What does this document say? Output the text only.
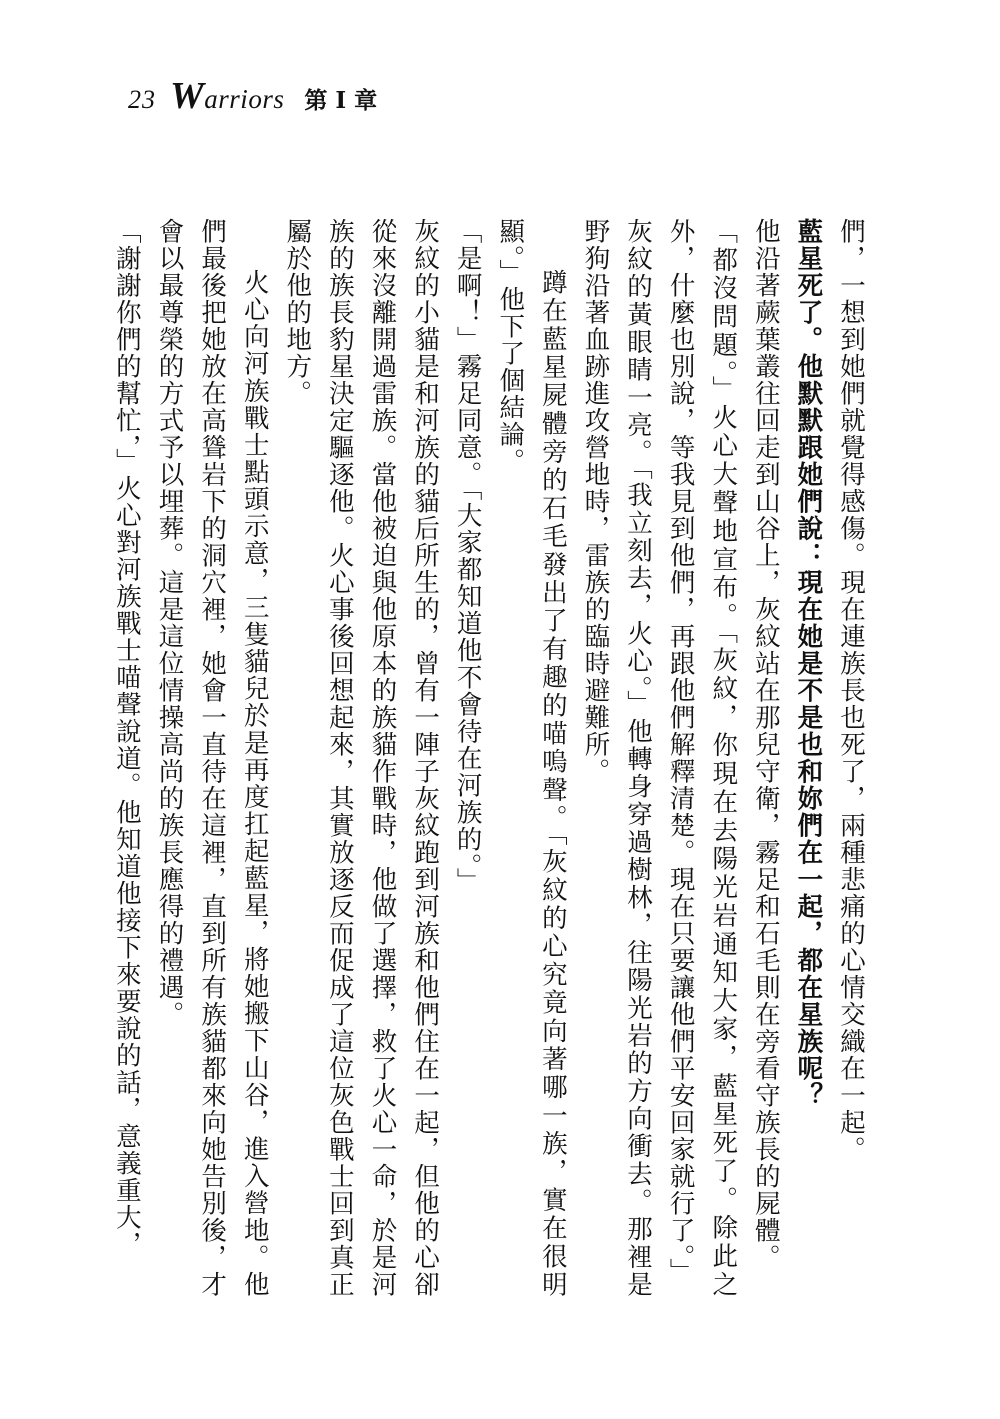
23 Warriors 第 I 章

們，一想到她們就覺得感傷。現在連族長也死了，兩種悲痛的心情交織在一起。

藍星死了。他默默跟她們說：現在她是不是也和妳們在一起，都在星族呢？

他沿著蕨葉叢往回走到山谷上，灰紋站在那兒守衛，霧足和石毛則在旁看守族長的屍體。

「都沒問題。」火心大聲地宣布。「灰紋，你現在去陽光岩通知大家，藍星死了。除此之外，什麼也別說，等我見到他們，再跟他們解釋清楚。現在只要讓他們平安回家就行了。」

灰紋的黃眼睛一亮。「我立刻去，火心。」他轉身穿過樹林，往陽光岩的方向衝去。那裡是野狗沿著血跡進攻營地時，雷族的臨時避難所。

蹲在藍星屍體旁的石毛發出了有趣的喵嗚聲。「灰紋的心究竟向著哪一族，實在很明顯。」他下了個結論。

「是啊！」霧足同意。「大家都知道他不會待在河族的。」

灰紋的小貓是和河族的貓后所生的，曾有一陣子灰紋跑到河族和他們住在一起，但他的心卻從來沒離開過雷族。當他被迫與他原本的族貓作戰時，他做了選擇，救了火心一命，於是河族的族長豹星決定驅逐他。火心事後回想起來，其實放逐反而促成了這位灰色戰士回到真正屬於他的地方。

火心向河族戰士點頭示意，三隻貓兒於是再度扛起藍星，將她搬下山谷，進入營地。他們最後把她放在高聳岩下的洞穴裡，她會一直待在這裡，直到所有族貓都來向她告別後，才會以最尊榮的方式予以埋葬。這是這位情操高尚的族長應得的禮遇。

「謝謝你們的幫忙，」火心對河族戰士喵聲說道。他知道他接下來要說的話，意義重大，
